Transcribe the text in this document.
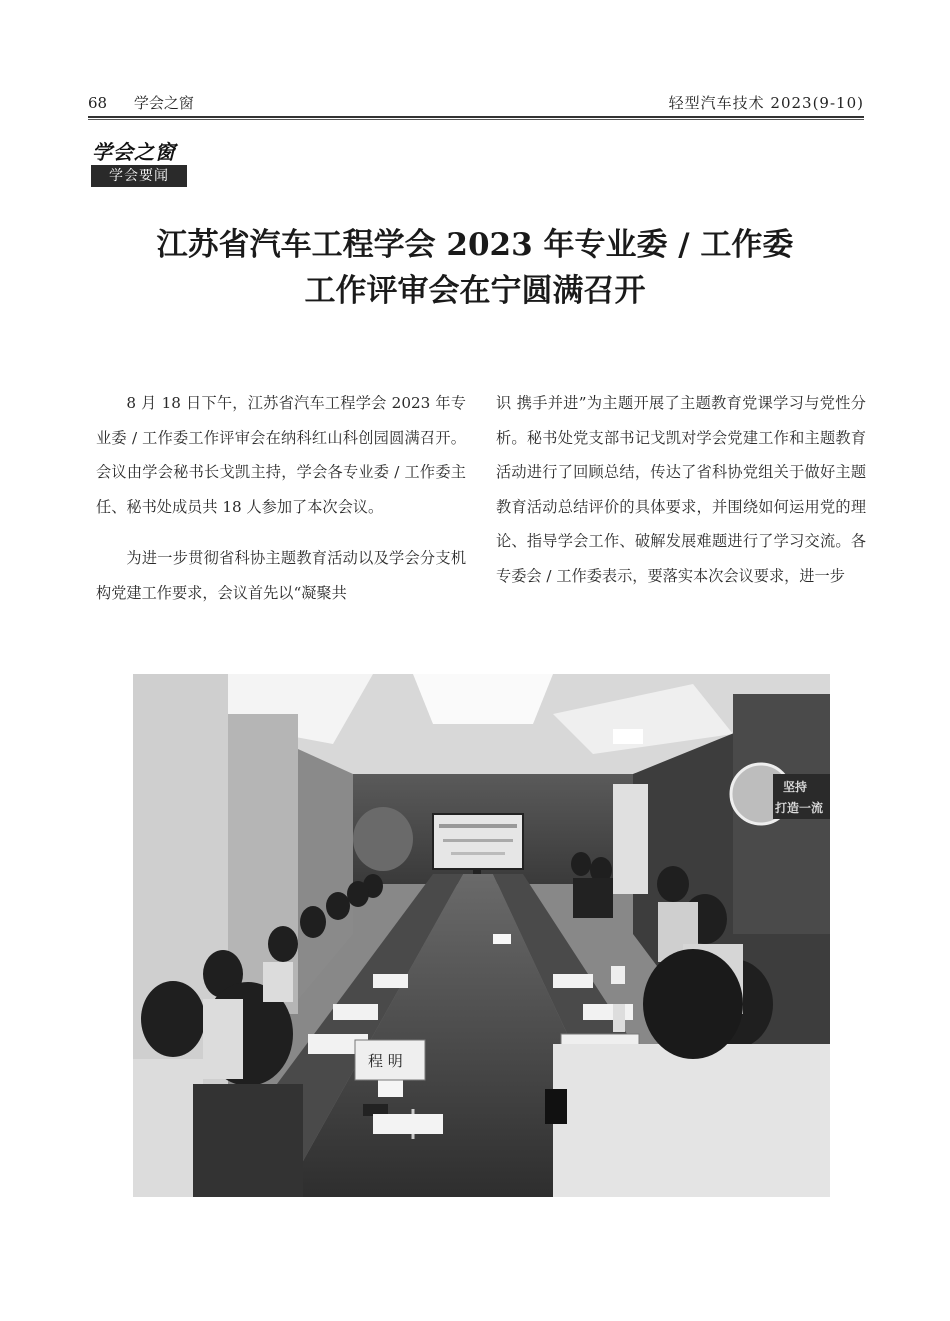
68 学会之窗	轻型汽车技术 2023(9-10)
学会之窗
学会要闻
江苏省汽车工程学会 2023 年专业委 / 工作委
工作评审会在宁圆满召开

8 月 18 日下午，江苏省汽车工程学会 2023 年专业委 / 工作委工作评审会在纳科红山科创园圆满召开。会议由学会秘书长戈凯主持，学会各专业委 / 工作委主任、秘书处成员共 18 人参加了本次会议。

为进一步贯彻省科协主题教育活动以及学会分支机构党建工作要求，会议首先以“凝聚共

识 携手并进”为主题开展了主题教育党课学习与党性分析。秘书处党支部书记戈凯对学会党建工作和主题教育活动进行了回顾总结，传达了省科协党组关于做好主题教育活动总结评价的具体要求，并围绕如何运用党的理论、指导学会工作、破解发展难题进行了学习交流。各专委会 / 工作委表示，要落实本次会议要求，进一步

坚持
打造一流
程 明
